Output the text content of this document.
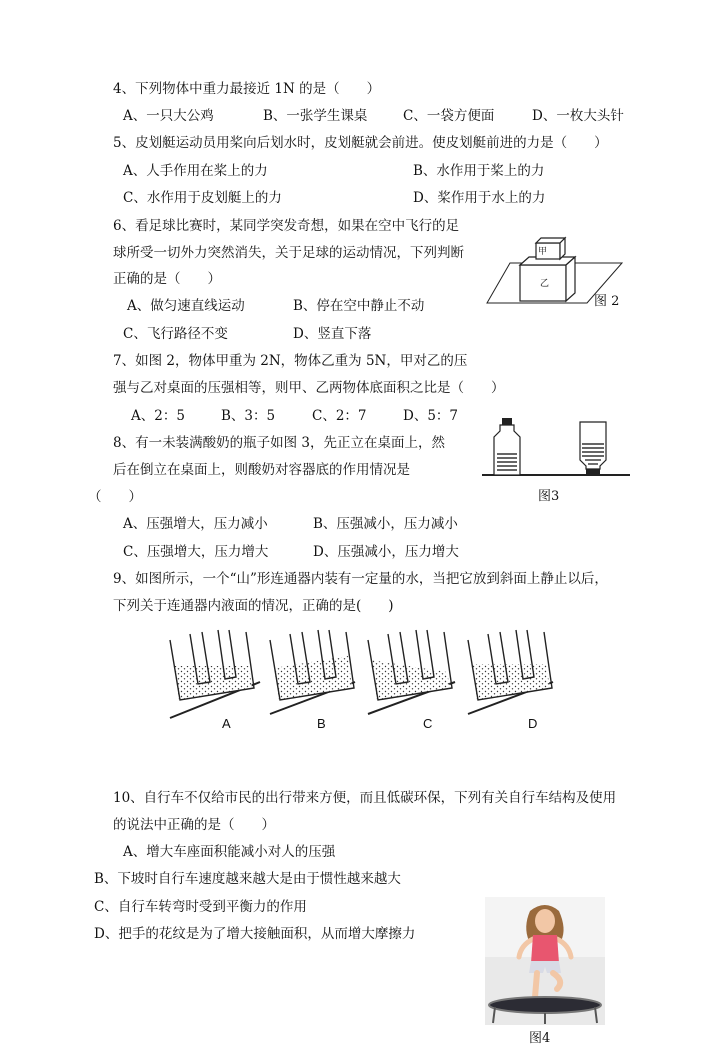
4、下列物体中重力最接近 1N 的是（　　）
A、一只大公鸡	B、一张学生课桌	C、一袋方便面	D、一枚大头针
5、皮划艇运动员用桨向后划水时，皮划艇就会前进。使皮划艇前进的力是（　　）
A、人手作用在桨上的力	B、水作用于桨上的力
C、水作用于皮划艇上的力	D、桨作用于水上的力
6、看足球比赛时，某同学突发奇想，如果在空中飞行的足
球所受一切外力突然消失，关于足球的运动情况，下列判断
正确的是（　　）
A、做匀速直线运动	B、停在空中静止不动
C、飞行路径不变	D、竖直下落
甲
乙
图 2
7、如图 2，物体甲重为 2N，物体乙重为 5N，甲对乙的压
强与乙对桌面的压强相等，则甲、乙两物体底面积之比是（　　）
A、2：5	B、3：5	C、2：7	D、5：7
图3
8、有一未装满酸奶的瓶子如图 3，先正立在桌面上，然
后在倒立在桌面上，则酸奶对容器底的作用情况是
（　　）
A、压强增大，压力减小	B、压强减小，压力减小
C、压强增大，压力增大	D、压强减小，压力增大
9、如图所示，一个“山”形连通器内装有一定量的水，当把它放到斜面上静止以后，
下列关于连通器内液面的情况，正确的是(　　)
A	B	C	D
10、自行车不仅给市民的出行带来方便，而且低碳环保，下列有关自行车结构及使用
的说法中正确的是（　　）
A、增大车座面积能减小对人的压强
B、下坡时自行车速度越来越大是由于惯性越来越大
C、自行车转弯时受到平衡力的作用
D、把手的花纹是为了增大接触面积，从而增大摩擦力
图4
